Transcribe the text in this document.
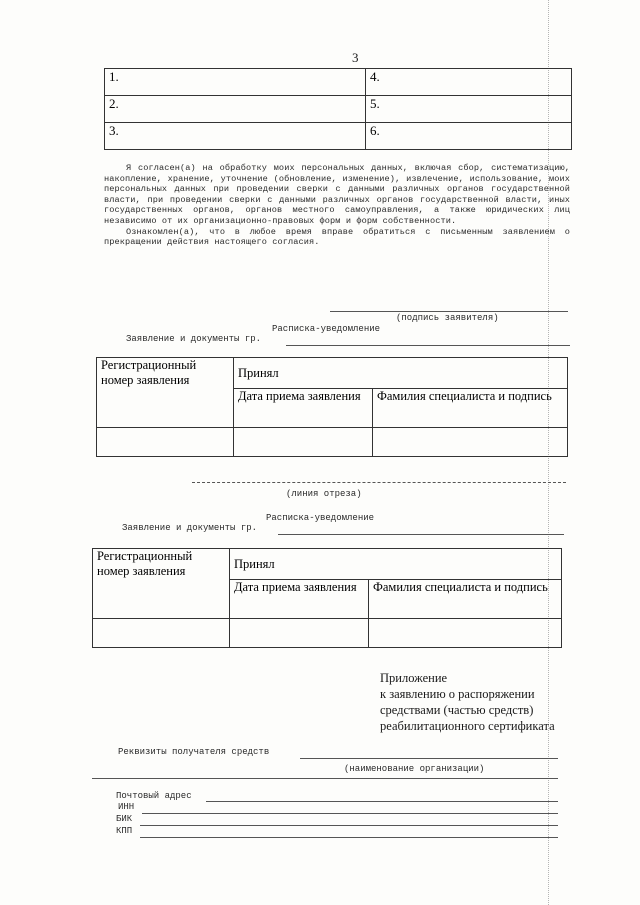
3
1.	4.
2.	5.
3.	6.

Я согласен(а) на обработку моих персональных данных, включая сбор, систематизацию, накопление, хранение, уточнение (обновление, изменение), извлечение, использование, моих персональных данных при проведении сверки с данными различных органов государственной власти, при проведении сверки с данными различных органов государственной власти, иных государственных органов, органов местного самоуправления, а также юридических лиц независимо от их организационно-правовых форм и форм собственности.

Ознакомлен(а), что в любое время вправе обратиться с письменным заявлением о прекращении действия настоящего согласия.

(подпись заявителя)
Расписка-уведомление
Заявление и документы гр.
Регистрационный номер заявления	Принял	
	Дата приема заявления	Фамилия специалиста и подпись

(линия отреза)
Расписка-уведомление
Заявление и документы гр.
Регистрационный номер заявления	Принял	
	Дата приема заявления	Фамилия специалиста и подпись

Приложение
к заявлению о распоряжении
средствами (частью средств)
реабилитационного сертификата
Реквизиты получателя средств
(наименование организации)
Почтовый адрес
ИНН
БИК
КПП
